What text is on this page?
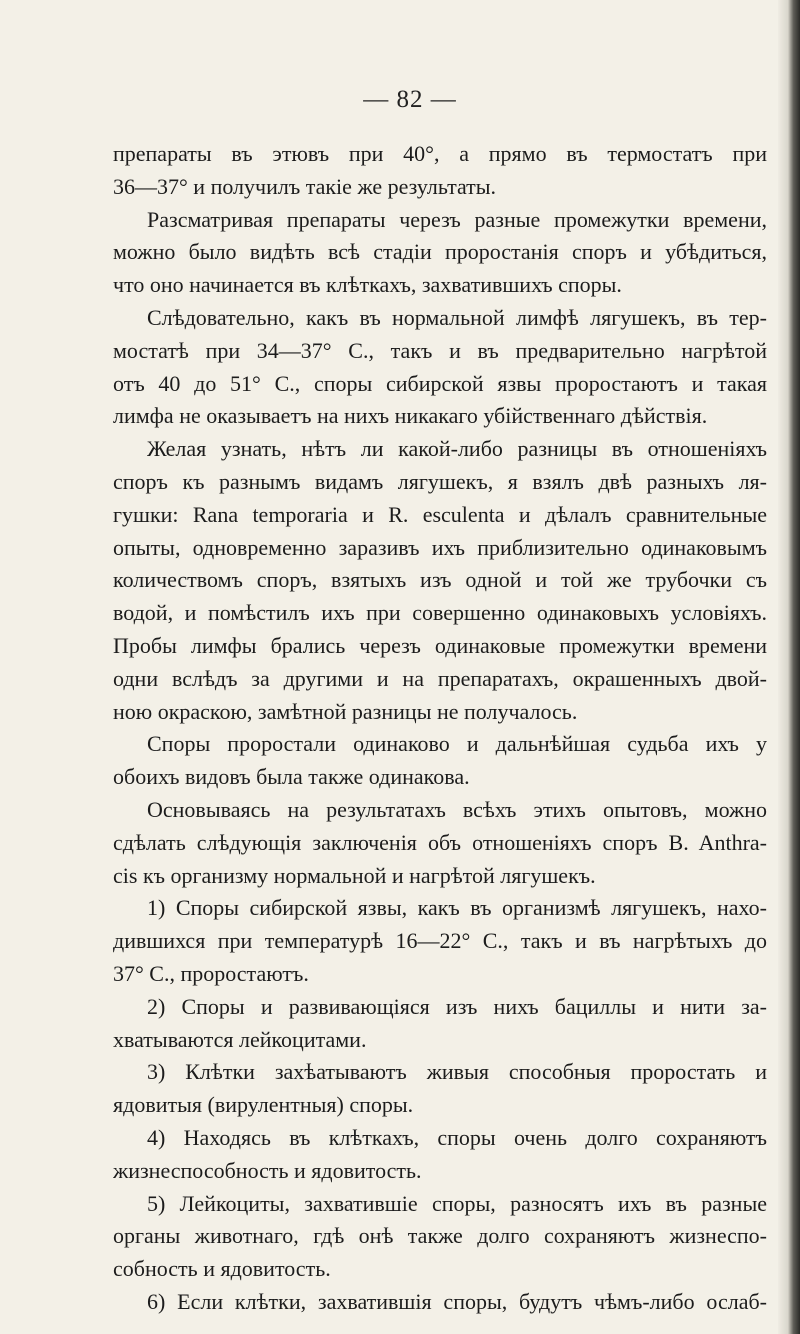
— 82 —
препараты въ этювъ при 40°, а прямо въ термостатъ при
36—37° и получилъ такіе же результаты.
Разсматривая препараты черезъ разные промежутки времени,
можно было видѣть всѣ стадіи проростанія споръ и убѣдиться,
что оно начинается въ клѣткахъ, захватившихъ споры.
Слѣдовательно, какъ въ нормальной лимфѣ лягушекъ, въ тер-
мостатѣ при 34—37° С., такъ и въ предварительно нагрѣтой
отъ 40 до 51° С., споры сибирской язвы проростаютъ и такая
лимфа не оказываетъ на нихъ никакаго убійственнаго дѣйствія.
Желая узнать, нѣтъ ли какой-либо разницы въ отношеніяхъ
споръ къ разнымъ видамъ лягушекъ, я взялъ двѣ разныхъ ля-
гушки: Rana temporaria и R. esculenta и дѣлалъ сравнительные
опыты, одновременно заразивъ ихъ приблизительно одинаковымъ
количествомъ споръ, взятыхъ изъ одной и той же трубочки съ
водой, и помѣстилъ ихъ при совершенно одинаковыхъ условіяхъ.
Пробы лимфы брались черезъ одинаковые промежутки времени
одни вслѣдъ за другими и на препаратахъ, окрашенныхъ двой-
ною окраскою, замѣтной разницы не получалось.
Споры проростали одинаково и дальнѣйшая судьба ихъ у
обоихъ видовъ была также одинакова.
Основываясь на результатахъ всѣхъ этихъ опытовъ, можно
сдѣлать слѣдующія заключенія объ отношеніяхъ споръ B. Anthra-
cis къ организму нормальной и нагрѣтой лягушекъ.
1) Споры сибирской язвы, какъ въ организмѣ лягушекъ, нахо-
дившихся при температурѣ 16—22° С., такъ и въ нагрѣтыхъ до
37° С., проростаютъ.
2) Споры и развивающіяся изъ нихъ бациллы и нити за-
хватываются лейкоцитами.
3) Клѣтки захѣатываютъ живыя способныя проростать и
ядовитыя (вирулентныя) споры.
4) Находясь въ клѣткахъ, споры очень долго сохраняютъ
жизнеспособность и ядовитость.
5) Лейкоциты, захватившіе споры, разносятъ ихъ въ разные
органы животнаго, гдѣ онѣ также долго сохраняютъ жизнеспо-
собность и ядовитость.
6) Если клѣтки, захватившія споры, будутъ чѣмъ-либо ослаб-
